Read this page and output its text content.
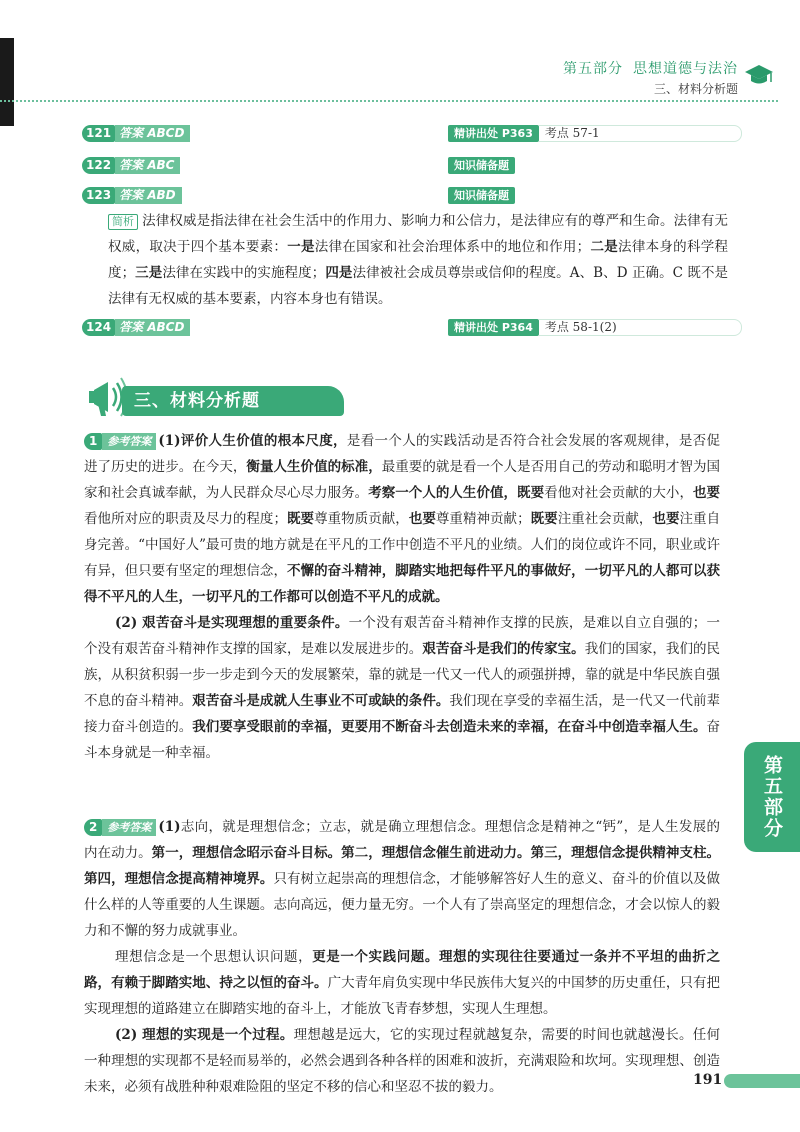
第五部分 思想道德与法治
三、材料分析题
121 答案 ABCD	精讲出处 P363	考点 57-1
122 答案 ABC	知识储备题
123 答案 ABD	知识储备题
简析 法律权威是指法律在社会生活中的作用力、影响力和公信力，是法律应有的尊严和生命。法律有无权威，取决于四个基本要素：一是法律在国家和社会治理体系中的地位和作用；二是法律本身的科学程度；三是法律在实践中的实施程度；四是法律被社会成员尊崇或信仰的程度。A、B、D 正确。C 既不是法律有无权威的基本要素，内容本身也有错误。
124 答案 ABCD	精讲出处 P364	考点 58-1(2)
三、材料分析题

1 参考答案 (1)评价人生价值的根本尺度，是看一个人的实践活动是否符合社会发展的客观规律，是否促进了历史的进步。在今天，衡量人生价值的标准，最重要的就是看一个人是否用自己的劳动和聪明才智为国家和社会真诚奉献，为人民群众尽心尽力服务。考察一个人的人生价值，既要看他对社会贡献的大小，也要看他所对应的职责及尽力的程度；既要尊重物质贡献，也要尊重精神贡献；既要注重社会贡献，也要注重自身完善。“中国好人”最可贵的地方就是在平凡的工作中创造不平凡的业绩。人们的岗位或许不同，职业或许有异，但只要有坚定的理想信念，不懈的奋斗精神，脚踏实地把每件平凡的事做好，一切平凡的人都可以获得不平凡的人生，一切平凡的工作都可以创造不平凡的成就。

(2) 艰苦奋斗是实现理想的重要条件。一个没有艰苦奋斗精神作支撑的民族，是难以自立自强的；一个没有艰苦奋斗精神作支撑的国家，是难以发展进步的。艰苦奋斗是我们的传家宝。我们的国家，我们的民族，从积贫积弱一步一步走到今天的发展繁荣，靠的就是一代又一代人的顽强拼搏，靠的就是中华民族自强不息的奋斗精神。艰苦奋斗是成就人生事业不可或缺的条件。我们现在享受的幸福生活，是一代又一代前辈接力奋斗创造的。我们要享受眼前的幸福，更要用不断奋斗去创造未来的幸福，在奋斗中创造幸福人生。奋斗本身就是一种幸福。

2 参考答案 (1)志向，就是理想信念；立志，就是确立理想信念。理想信念是精神之“钙”，是人生发展的内在动力。第一，理想信念昭示奋斗目标。第二，理想信念催生前进动力。第三，理想信念提供精神支柱。第四，理想信念提高精神境界。只有树立起崇高的理想信念，才能够解答好人生的意义、奋斗的价值以及做什么样的人等重要的人生课题。志向高远，便力量无穷。一个人有了崇高坚定的理想信念，才会以惊人的毅力和不懈的努力成就事业。

理想信念是一个思想认识问题，更是一个实践问题。理想的实现往往要通过一条并不平坦的曲折之路，有赖于脚踏实地、持之以恒的奋斗。广大青年肩负实现中华民族伟大复兴的中国梦的历史重任，只有把实现理想的道路建立在脚踏实地的奋斗上，才能放飞青春梦想，实现人生理想。

(2) 理想的实现是一个过程。理想越是远大，它的实现过程就越复杂，需要的时间也就越漫长。任何一种理想的实现都不是轻而易举的，必然会遇到各种各样的困难和波折，充满艰险和坎坷。实现理想、创造未来，必须有战胜种种艰难险阻的坚定不移的信心和坚忍不拔的毅力。

第五部分
191
